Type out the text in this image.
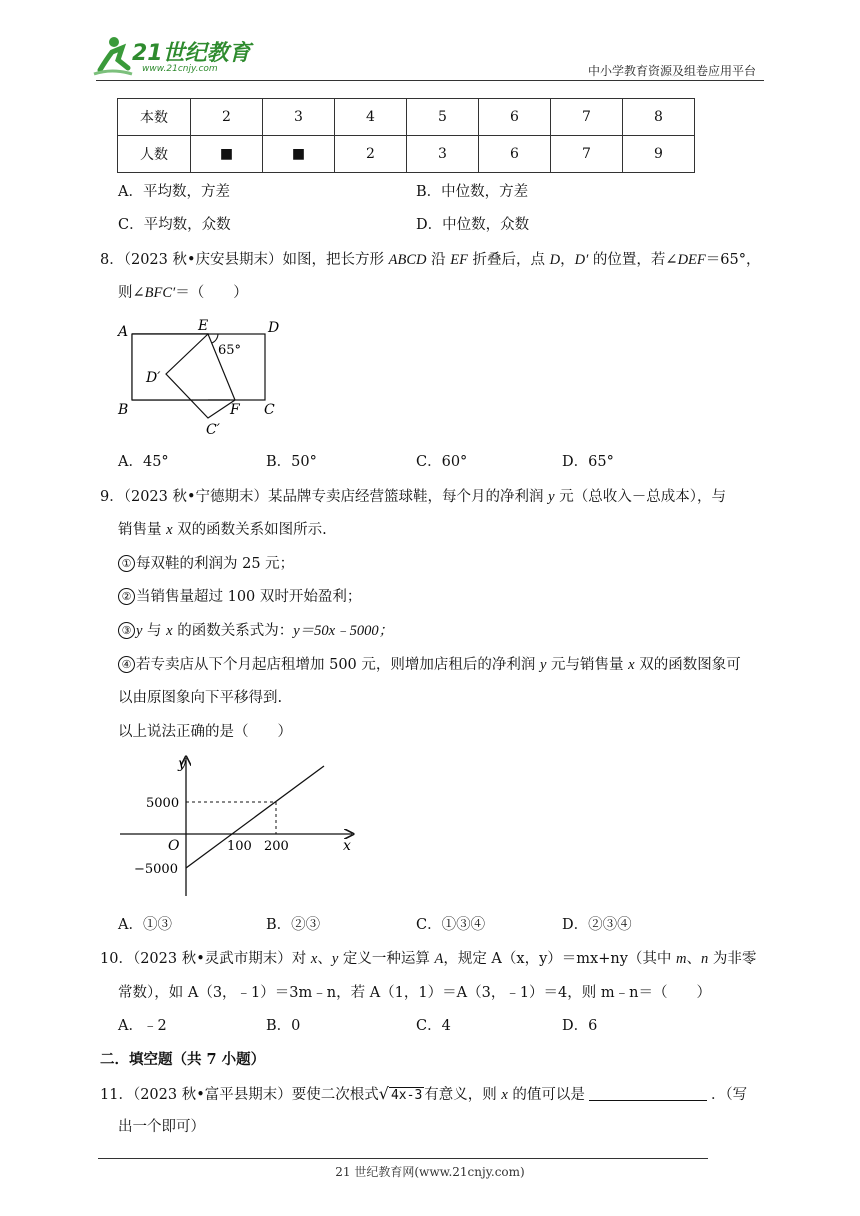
21世纪教育
www.21cnjy.com	中小学教育资源及组卷应用平台
本数	2	3	4	5	6	7	8
人数	■	■	2	3	6	7	9
A．平均数，方差	B．中位数，方差
C．平均数，众数	D．中位数，众数
8．（2023 秋•庆安县期末）如图，把长方形 ABCD 沿 EF 折叠后，点 D，D′ 的位置，若∠DEF＝65°，
则∠BFC′＝（　　）
A	E	D
65°
D′
B	F C
C′
A．45°	B．50°	C．60°	D．65°
9．（2023 秋•宁德期末）某品牌专卖店经营篮球鞋，每个月的净利润 y 元（总收入－总成本），与
销售量 x 双的函数关系如图所示.
① 每双鞋的利润为 25 元；
② 当销售量超过 100 双时开始盈利；
③ y 与 x 的函数关系式为：y＝50x﹣5000；
④ 若专卖店从下个月起店租增加 500 元，则增加店租后的净利润 y 元与销售量 x 双的函数图象可
以由原图象向下平移得到.
以上说法正确的是（　　）
y
x
O
5000
−5000
100 200
A．①③	B．②③	C．①③④	D．②③④
10．（2023 秋•灵武市期末）对 x、y 定义一种运算 A，规定 A（x，y）＝mx+ny（其中 m、n 为非零
常数），如 A（3，﹣1）＝3m﹣n，若 A（1，1）＝A（3，﹣1）＝4，则 m﹣n＝（　　）
A．﹣2	B．0	C．4	D．6
二．填空题（共 7 小题）
11．（2023 秋•富平县期末）要使二次根式√ 4x-3 有意义，则 x 的值可以是	．（写
出一个即可）
21 世纪教育网(www.21cnjy.com)
